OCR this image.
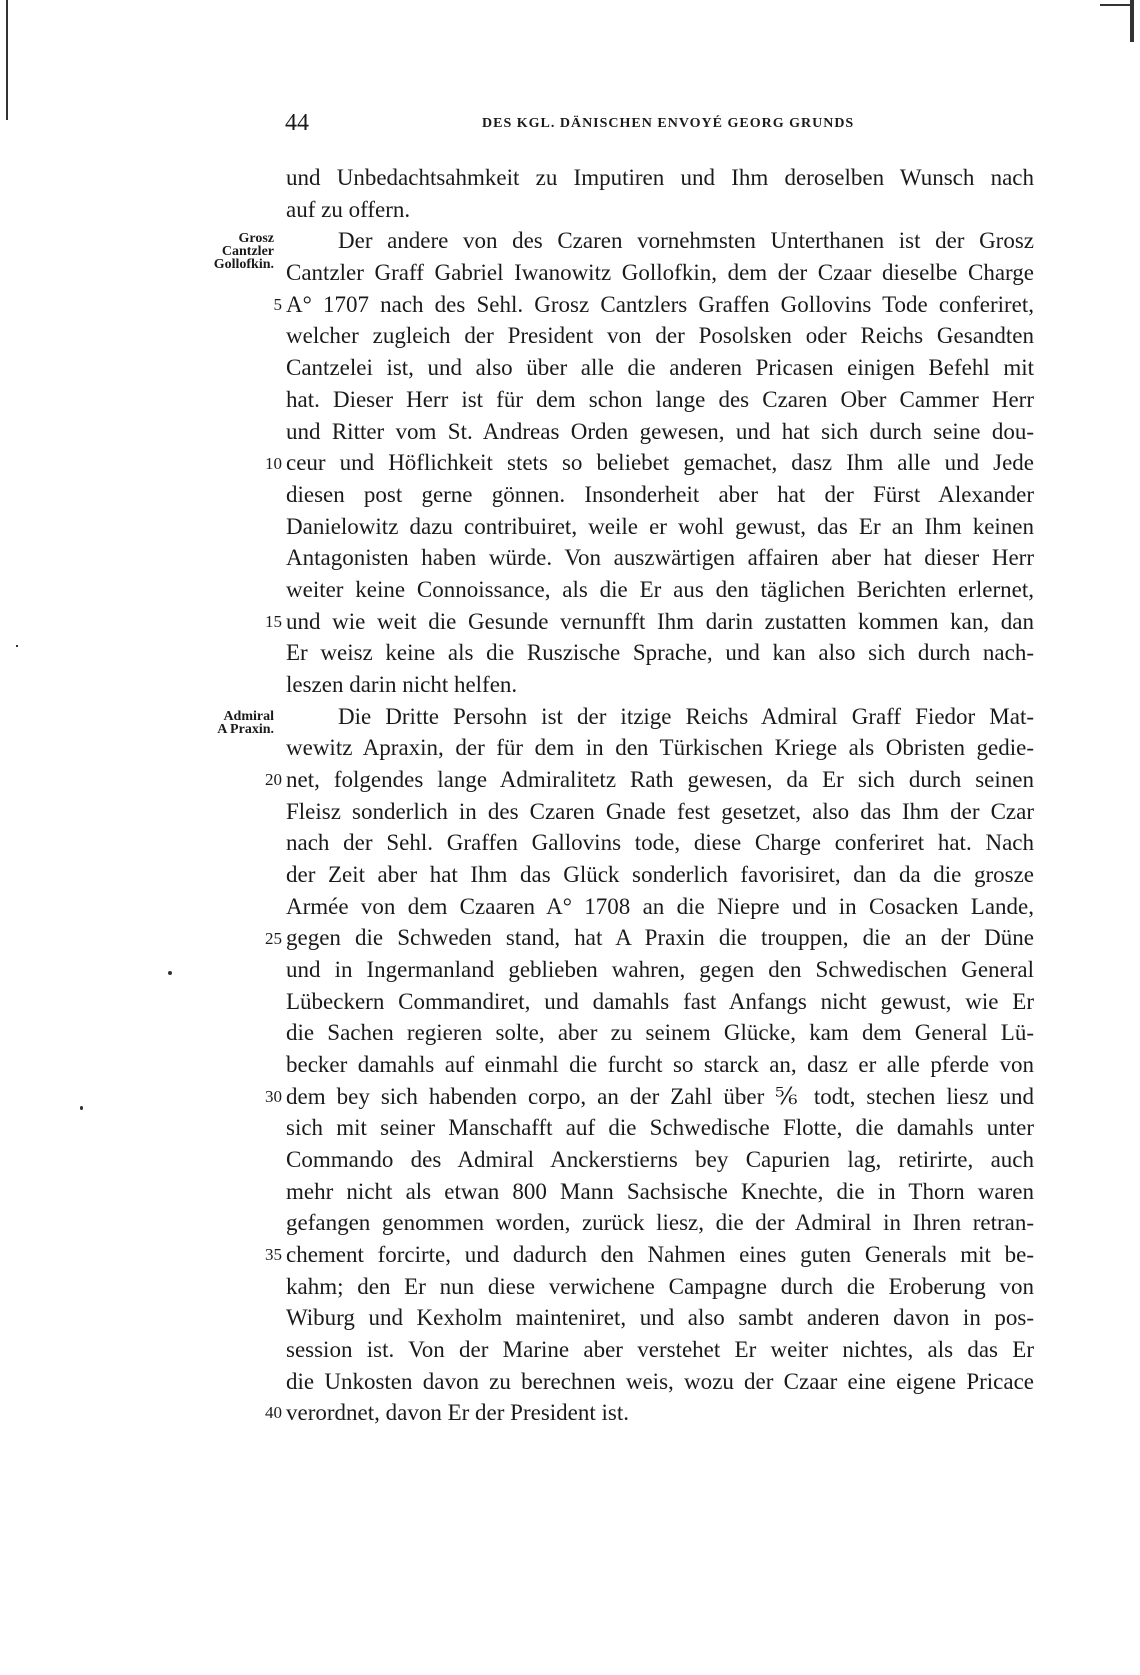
44	DES KGL. DÄNISCHEN ENVOYÉ GEORG GRUNDS
Grosz
Cantzler
Gollofkin.
Admiral
A Praxin.
5
10
15
20
25
30
35
40
und Unbedachtsahmkeit zu Imputiren und Ihm deroselben Wunsch nach
auf zu offern.
Der andere von des Czaren vornehmsten Unterthanen ist der Grosz
Cantzler Graff Gabriel Iwanowitz Gollofkin, dem der Czaar dieselbe Charge
A° 1707 nach des Sehl. Grosz Cantzlers Graffen Gollovins Tode conferiret,
welcher zugleich der President von der Posolsken oder Reichs Gesandten
Cantzelei ist, und also über alle die anderen Pricasen einigen Befehl mit
hat. Dieser Herr ist für dem schon lange des Czaren Ober Cammer Herr
und Ritter vom St. Andreas Orden gewesen, und hat sich durch seine dou-
ceur und Höflichkeit stets so beliebet gemachet, dasz Ihm alle und Jede
diesen post gerne gönnen. Insonderheit aber hat der Fürst Alexander
Danielowitz dazu contribuiret, weile er wohl gewust, das Er an Ihm keinen
Antagonisten haben würde. Von auszwärtigen affairen aber hat dieser Herr
weiter keine Connoissance, als die Er aus den täglichen Berichten erlernet,
und wie weit die Gesunde vernunfft Ihm darin zustatten kommen kan, dan
Er weisz keine als die Ruszische Sprache, und kan also sich durch nach-
leszen darin nicht helfen.
Die Dritte Persohn ist der itzige Reichs Admiral Graff Fiedor Mat-
wewitz Apraxin, der für dem in den Türkischen Kriege als Obristen gedie-
net, folgendes lange Admiralitetz Rath gewesen, da Er sich durch seinen
Fleisz sonderlich in des Czaren Gnade fest gesetzet, also das Ihm der Czar
nach der Sehl. Graffen Gallovins tode, diese Charge conferiret hat. Nach
der Zeit aber hat Ihm das Glück sonderlich favorisiret, dan da die grosze
Armée von dem Czaaren A° 1708 an die Niepre und in Cosacken Lande,
gegen die Schweden stand, hat A Praxin die trouppen, die an der Düne
und in Ingermanland geblieben wahren, gegen den Schwedischen General
Lübeckern Commandiret, und damahls fast Anfangs nicht gewust, wie Er
die Sachen regieren solte, aber zu seinem Glücke, kam dem General Lü-
becker damahls auf einmahl die furcht so starck an, dasz er alle pferde von
dem bey sich habenden corpo, an der Zahl über ⅚ todt, stechen liesz und
sich mit seiner Manschafft auf die Schwedische Flotte, die damahls unter
Commando des Admiral Anckerstierns bey Capurien lag, retirirte, auch
mehr nicht als etwan 800 Mann Sachsische Knechte, die in Thorn waren
gefangen genommen worden, zurück liesz, die der Admiral in Ihren retran-
chement forcirte, und dadurch den Nahmen eines guten Generals mit be-
kahm; den Er nun diese verwichene Campagne durch die Eroberung von
Wiburg und Kexholm mainteniret, und also sambt anderen davon in pos-
session ist. Von der Marine aber verstehet Er weiter nichtes, als das Er
die Unkosten davon zu berechnen weis, wozu der Czaar eine eigene Pricace
verordnet, davon Er der President ist.
